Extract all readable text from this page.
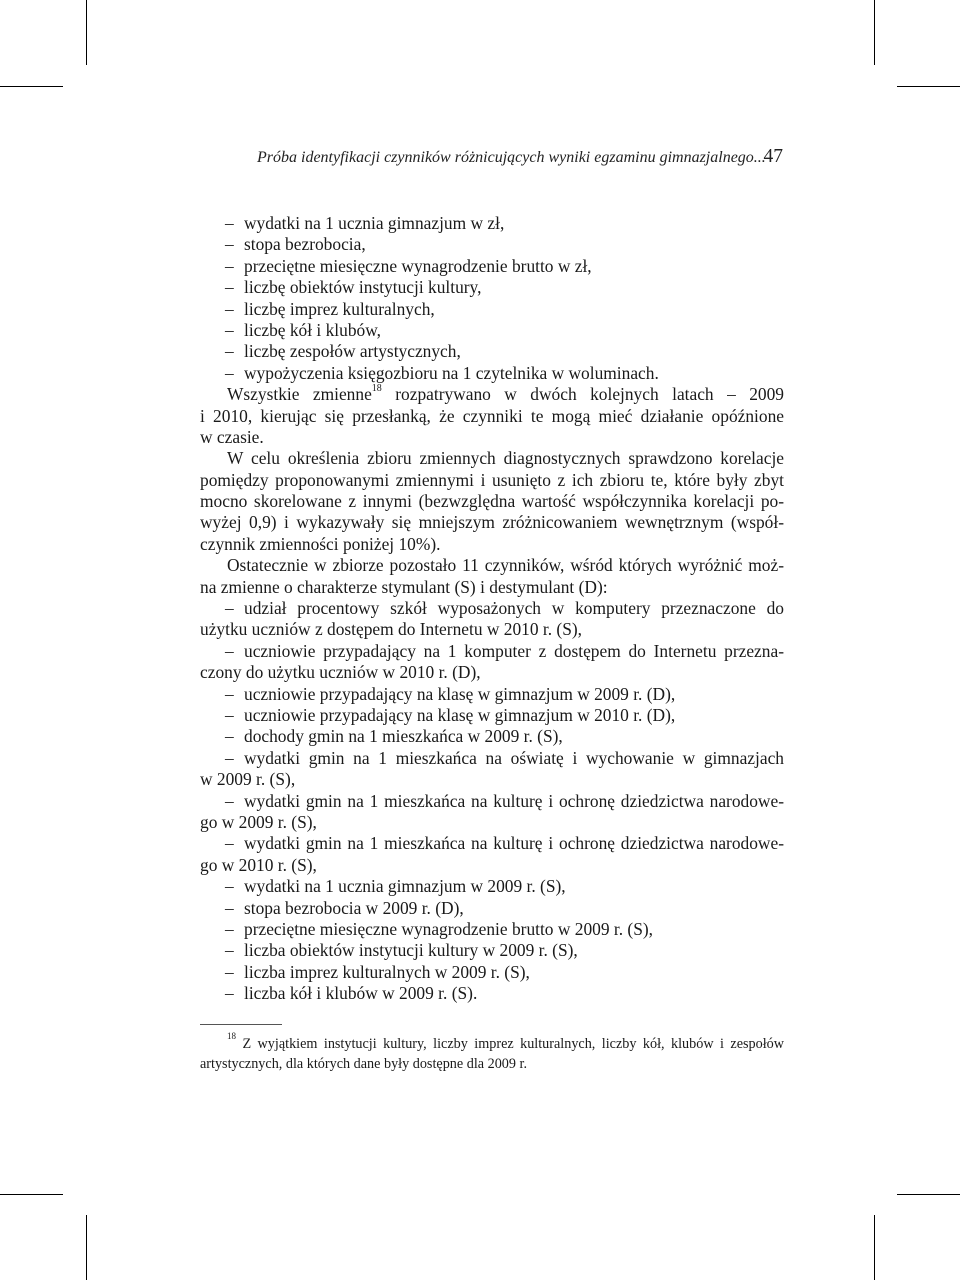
Próba identyfikacji czynników różnicujących wyniki egzaminu gimnazjalnego...
47
– wydatki na 1 ucznia gimnazjum w zł,
– stopa bezrobocia,
– przeciętne miesięczne wynagrodzenie brutto w zł,
– liczbę obiektów instytucji kultury,
– liczbę imprez kulturalnych,
– liczbę kół i klubów,
– liczbę zespołów artystycznych,
– wypożyczenia księgozbioru na 1 czytelnika w woluminach.
Wszystkie zmienne$^{18}$ rozpatrywano w dwóch kolejnych latach – 2009
i 2010, kierując się przesłanką, że czynniki te mogą mieć działanie opóźnione
w czasie.
W celu określenia zbioru zmiennych diagnostycznych sprawdzono korelacje
pomiędzy proponowanymi zmiennymi i usunięto z ich zbioru te, które były zbyt
mocno skorelowane z innymi (bezwzględna wartość współczynnika korelacji po-
wyżej 0,9) i wykazywały się mniejszym zróżnicowaniem wewnętrznym (współ-
czynnik zmienności poniżej 10%).
Ostatecznie w zbiorze pozostało 11 czynników, wśród których wyróżnić moż-
na zmienne o charakterze stymulant (S) i destymulant (D):
– udział procentowy szkół wyposażonych w komputery przeznaczone do
użytku uczniów z dostępem do Internetu w 2010 r. (S),
– uczniowie przypadający na 1 komputer z dostępem do Internetu przezna-
czony do użytku uczniów w 2010 r. (D),
– uczniowie przypadający na klasę w gimnazjum w 2009 r. (D),
– uczniowie przypadający na klasę w gimnazjum w 2010 r. (D),
– dochody gmin na 1 mieszkańca w 2009 r. (S),
– wydatki gmin na 1 mieszkańca na oświatę i wychowanie w gimnazjach
w 2009 r. (S),
– wydatki gmin na 1 mieszkańca na kulturę i ochronę dziedzictwa narodowe-
go w 2009 r. (S),
– wydatki gmin na 1 mieszkańca na kulturę i ochronę dziedzictwa narodowe-
go w 2010 r. (S),
– wydatki na 1 ucznia gimnazjum w 2009 r. (S),
– stopa bezrobocia w 2009 r. (D),
– przeciętne miesięczne wynagrodzenie brutto w 2009 r. (S),
– liczba obiektów instytucji kultury w 2009 r. (S),
– liczba imprez kulturalnych w 2009 r. (S),
– liczba kół i klubów w 2009 r. (S).
$^{18}$ Z wyjątkiem instytucji kultury, liczby imprez kulturalnych, liczby kół, klubów i zespołów
artystycznych, dla których dane były dostępne dla 2009 r.
